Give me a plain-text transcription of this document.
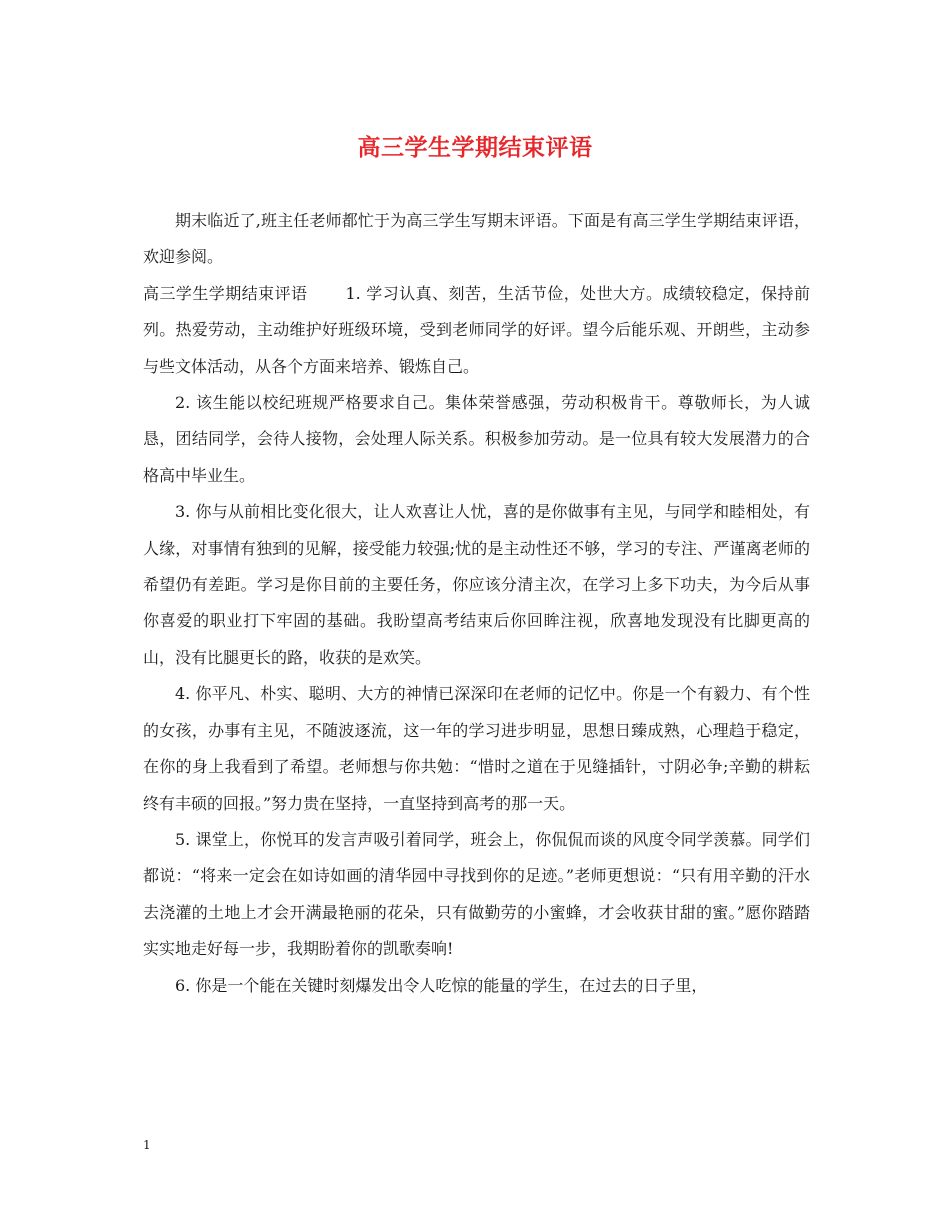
高三学生学期结束评语

期末临近了,班主任老师都忙于为高三学生写期末评语。下面是有高三学生学期结束评语，欢迎参阅。

高三学生学期结束评语 1. 学习认真、刻苦，生活节俭，处世大方。成绩较稳定，保持前列。热爱劳动，主动维护好班级环境，受到老师同学的好评。望今后能乐观、开朗些，主动参与些文体活动，从各个方面来培养、锻炼自己。

2. 该生能以校纪班规严格要求自己。集体荣誉感强，劳动积极肯干。尊敬师长，为人诚恳，团结同学，会待人接物，会处理人际关系。积极参加劳动。是一位具有较大发展潜力的合格高中毕业生。

3. 你与从前相比变化很大，让人欢喜让人忧，喜的是你做事有主见，与同学和睦相处，有人缘，对事情有独到的见解，接受能力较强;忧的是主动性还不够，学习的专注、严谨离老师的希望仍有差距。学习是你目前的主要任务，你应该分清主次，在学习上多下功夫，为今后从事你喜爱的职业打下牢固的基础。我盼望高考结束后你回眸注视，欣喜地发现没有比脚更高的山，没有比腿更长的路，收获的是欢笑。

4. 你平凡、朴实、聪明、大方的神情已深深印在老师的记忆中。你是一个有毅力、有个性的女孩，办事有主见，不随波逐流，这一年的学习进步明显，思想日臻成熟，心理趋于稳定，在你的身上我看到了希望。老师想与你共勉：“惜时之道在于见缝插针，寸阴必争;辛勤的耕耘终有丰硕的回报。”努力贵在坚持，一直坚持到高考的那一天。

5. 课堂上，你悦耳的发言声吸引着同学，班会上，你侃侃而谈的风度令同学羡慕。同学们都说：“将来一定会在如诗如画的清华园中寻找到你的足迹。”老师更想说：“只有用辛勤的汗水去浇灌的土地上才会开满最艳丽的花朵，只有做勤劳的小蜜蜂，才会收获甘甜的蜜。”愿你踏踏实实地走好每一步，我期盼着你的凯歌奏响!

6. 你是一个能在关键时刻爆发出令人吃惊的能量的学生，在过去的日子里，

1
